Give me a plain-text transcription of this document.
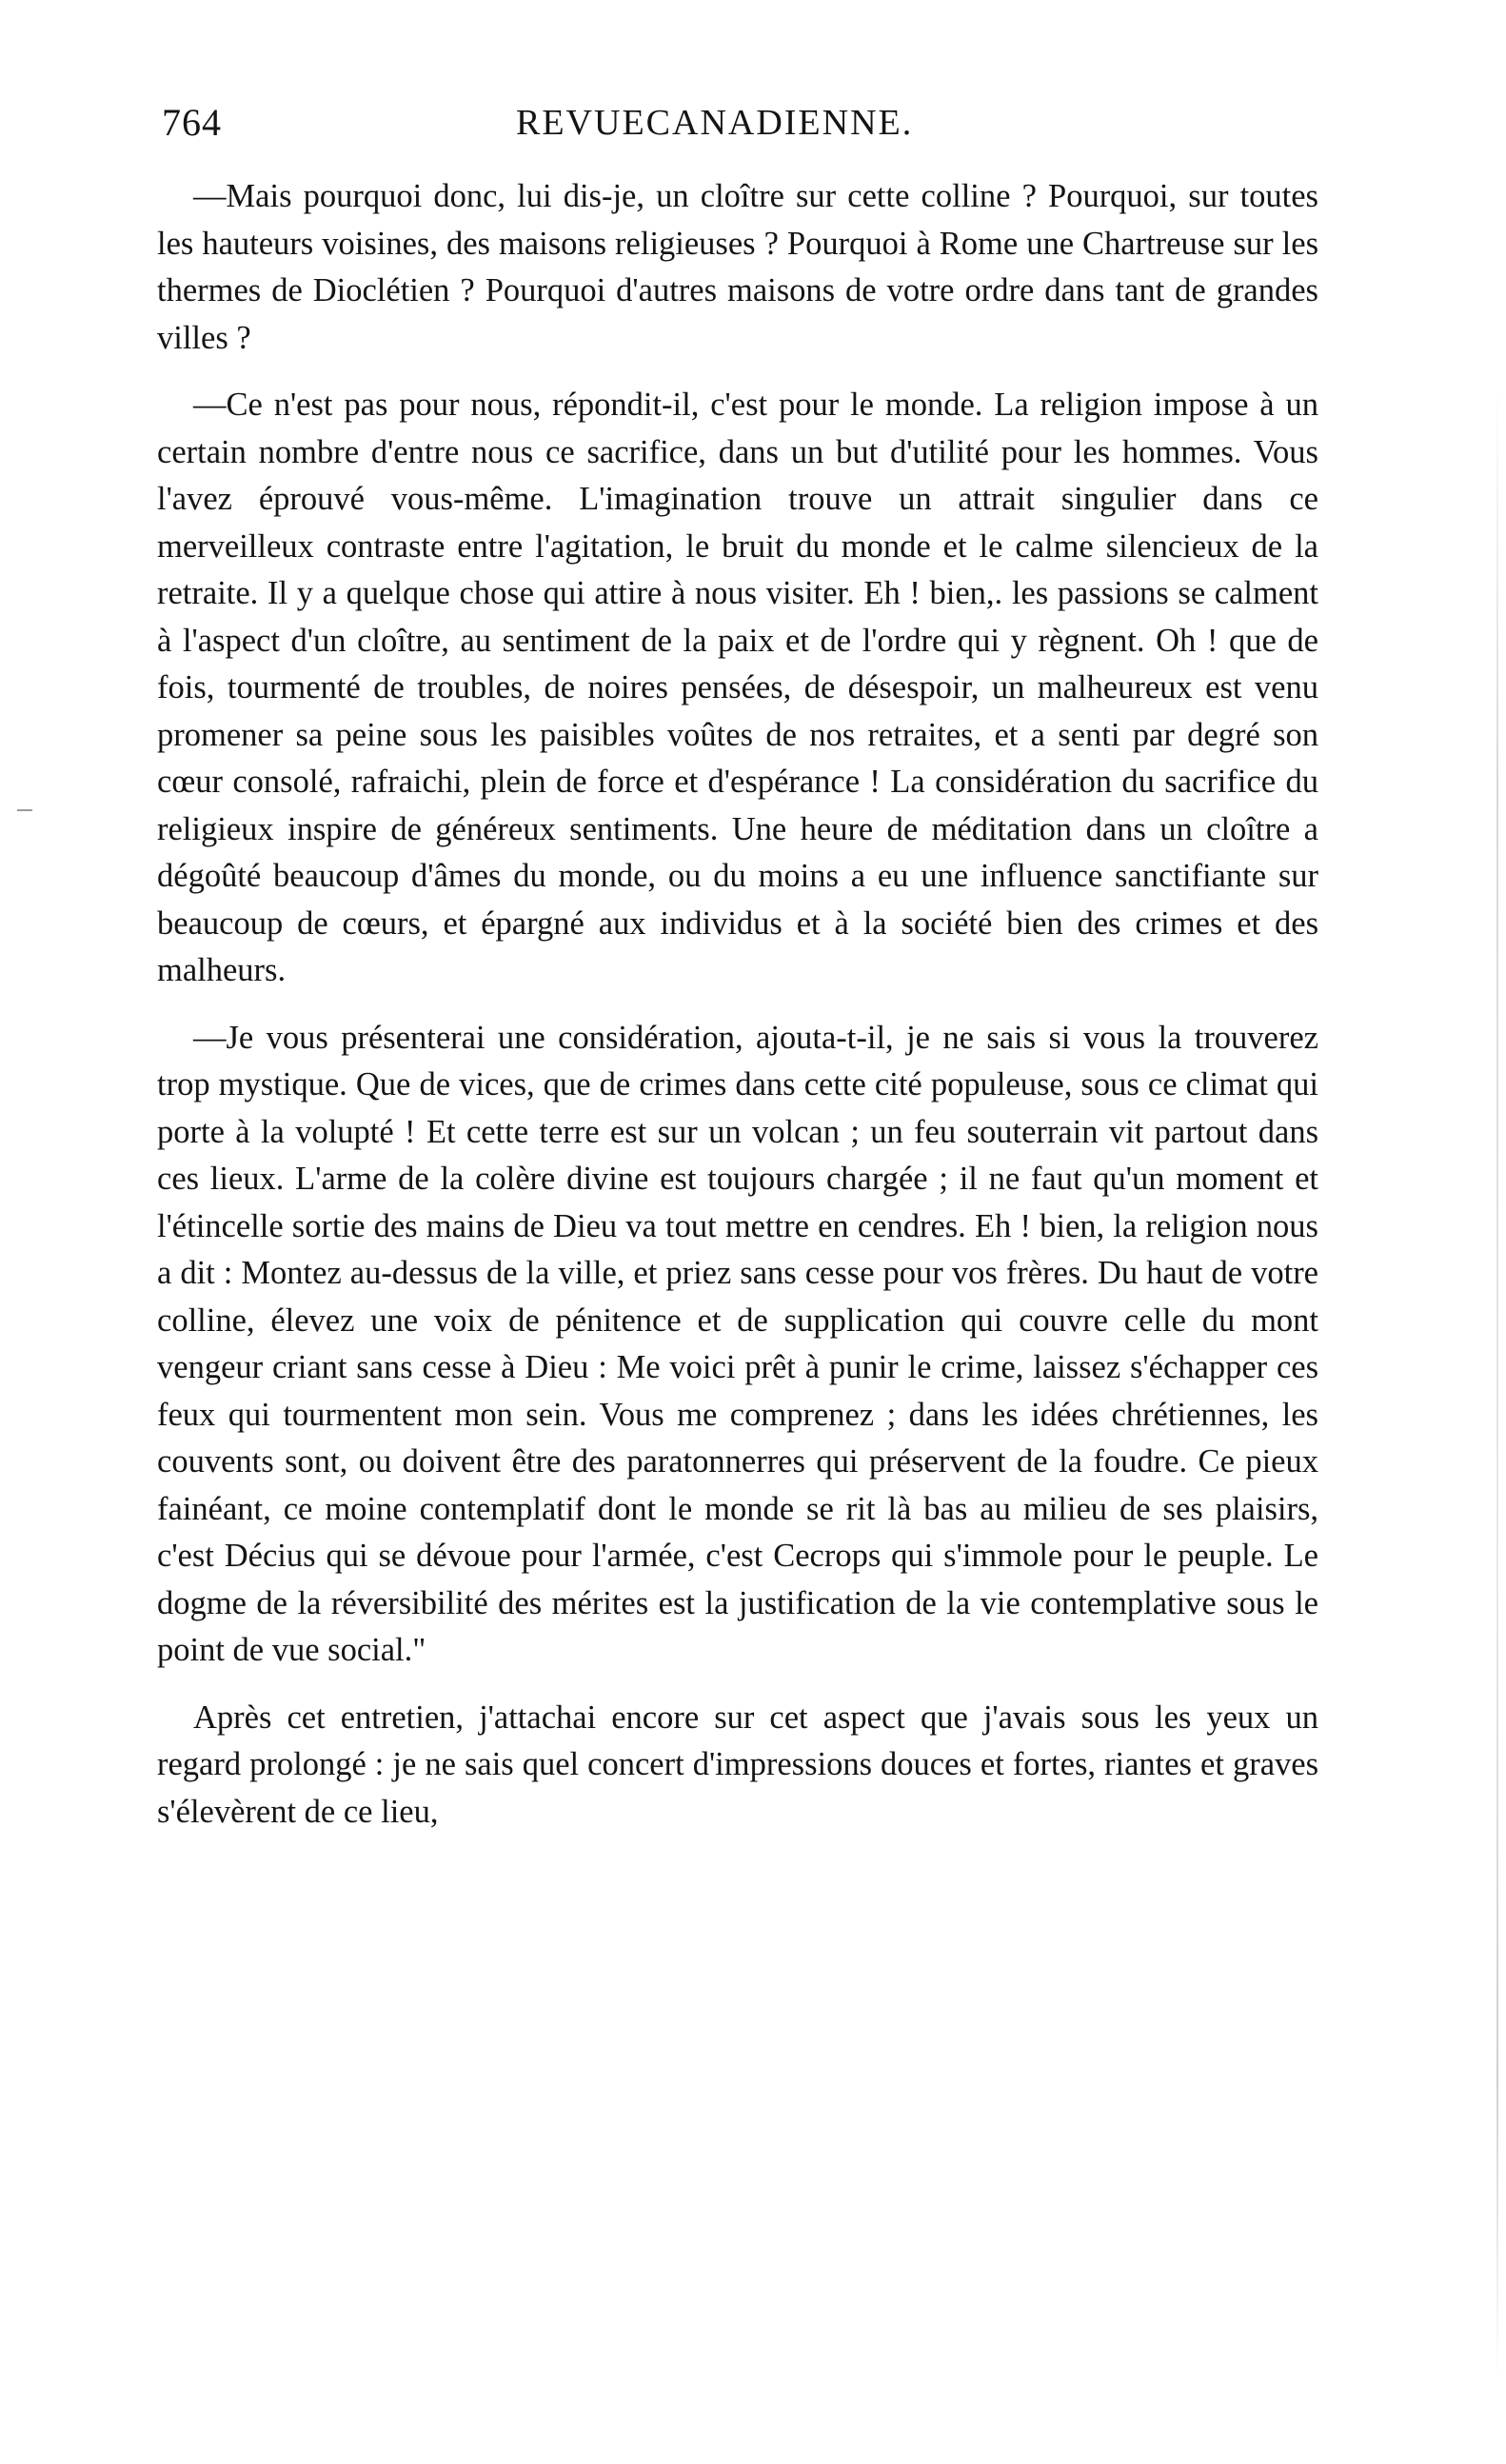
764	REVUECANADIENNE.

—Mais pourquoi donc, lui dis-je, un cloître sur cette colline ? Pourquoi, sur toutes les hauteurs voisines, des maisons religieuses ? Pourquoi à Rome une Chartreuse sur les thermes de Dioclétien ? Pourquoi d'autres maisons de votre ordre dans tant de grandes villes ?

—Ce n'est pas pour nous, répondit-il, c'est pour le monde. La religion impose à un certain nombre d'entre nous ce sacrifice, dans un but d'utilité pour les hommes. Vous l'avez éprouvé vous-même. L'imagination trouve un attrait singulier dans ce merveilleux contraste entre l'agitation, le bruit du monde et le calme silencieux de la retraite. Il y a quelque chose qui attire à nous visiter. Eh ! bien,. les passions se calment à l'aspect d'un cloître, au sentiment de la paix et de l'ordre qui y règnent. Oh ! que de fois, tourmenté de troubles, de noires pensées, de désespoir, un malheureux est venu promener sa peine sous les paisibles voûtes de nos retraites, et a senti par degré son cœur consolé, rafraichi, plein de force et d'espérance ! La considération du sacrifice du religieux inspire de généreux sentiments. Une heure de méditation dans un cloître a dégoûté beaucoup d'âmes du monde, ou du moins a eu une influence sanctifiante sur beaucoup de cœurs, et épargné aux individus et à la société bien des crimes et des malheurs.

—Je vous présenterai une considération, ajouta-t-il, je ne sais si vous la trouverez trop mystique. Que de vices, que de crimes dans cette cité populeuse, sous ce climat qui porte à la volupté ! Et cette terre est sur un volcan ; un feu souterrain vit partout dans ces lieux. L'arme de la colère divine est toujours chargée ; il ne faut qu'un moment et l'étincelle sortie des mains de Dieu va tout mettre en cendres. Eh ! bien, la religion nous a dit : Montez au-dessus de la ville, et priez sans cesse pour vos frères. Du haut de votre colline, élevez une voix de pénitence et de supplication qui couvre celle du mont vengeur criant sans cesse à Dieu : Me voici prêt à punir le crime, laissez s'échapper ces feux qui tourmentent mon sein. Vous me comprenez ; dans les idées chrétiennes, les couvents sont, ou doivent être des paratonnerres qui préservent de la foudre. Ce pieux fainéant, ce moine contemplatif dont le monde se rit là bas au milieu de ses plaisirs, c'est Décius qui se dévoue pour l'armée, c'est Cecrops qui s'immole pour le peuple. Le dogme de la réversibilité des mérites est la justification de la vie contemplative sous le point de vue social."

Après cet entretien, j'attachai encore sur cet aspect que j'avais sous les yeux un regard prolongé : je ne sais quel concert d'impressions douces et fortes, riantes et graves s'élevèrent de ce lieu,
